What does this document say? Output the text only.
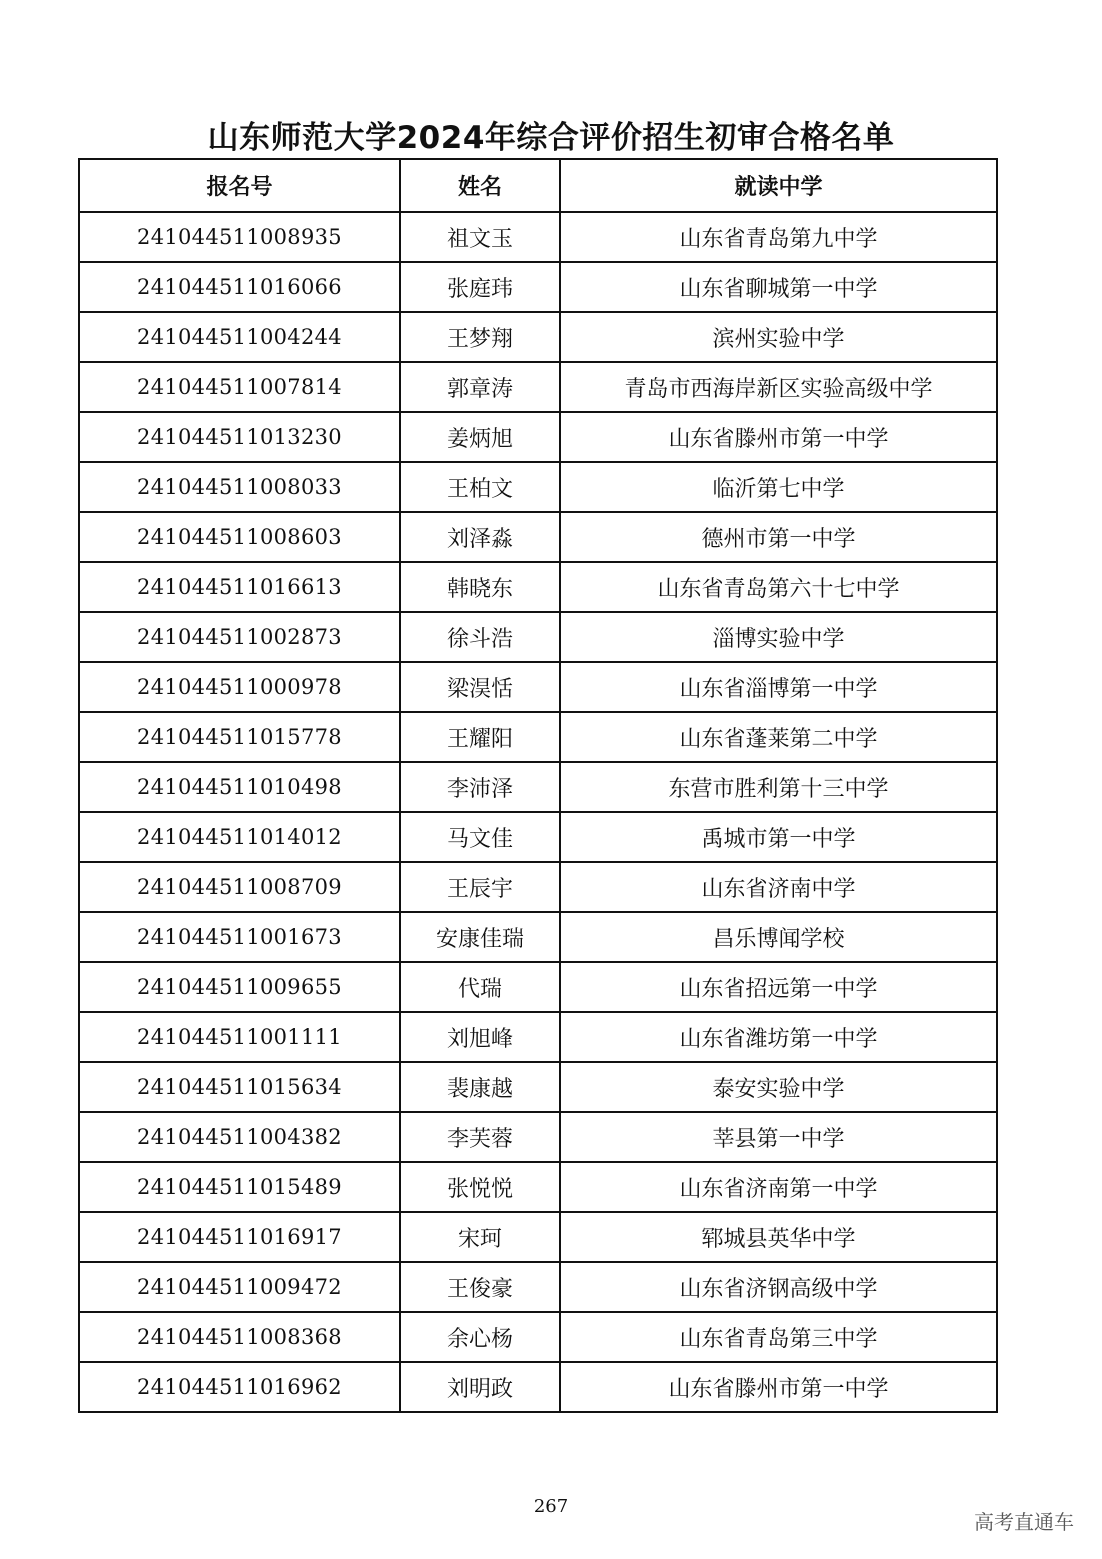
山东师范大学2024年综合评价招生初审合格名单
报名号	姓名	就读中学
241044511008935	祖文玉	山东省青岛第九中学
241044511016066	张庭玮	山东省聊城第一中学
241044511004244	王梦翔	滨州实验中学
241044511007814	郭章涛	青岛市西海岸新区实验高级中学
241044511013230	姜炳旭	山东省滕州市第一中学
241044511008033	王柏文	临沂第七中学
241044511008603	刘泽淼	德州市第一中学
241044511016613	韩晓东	山东省青岛第六十七中学
241044511002873	徐斗浩	淄博实验中学
241044511000978	梁淏恬	山东省淄博第一中学
241044511015778	王耀阳	山东省蓬莱第二中学
241044511010498	李沛泽	东营市胜利第十三中学
241044511014012	马文佳	禹城市第一中学
241044511008709	王辰宇	山东省济南中学
241044511001673	安康佳瑞	昌乐博闻学校
241044511009655	代瑞	山东省招远第一中学
241044511001111	刘旭峰	山东省潍坊第一中学
241044511015634	裴康越	泰安实验中学
241044511004382	李芙蓉	莘县第一中学
241044511015489	张悦悦	山东省济南第一中学
241044511016917	宋珂	郓城县英华中学
241044511009472	王俊豪	山东省济钢高级中学
241044511008368	余心杨	山东省青岛第三中学
241044511016962	刘明政	山东省滕州市第一中学
267
高考直通车
